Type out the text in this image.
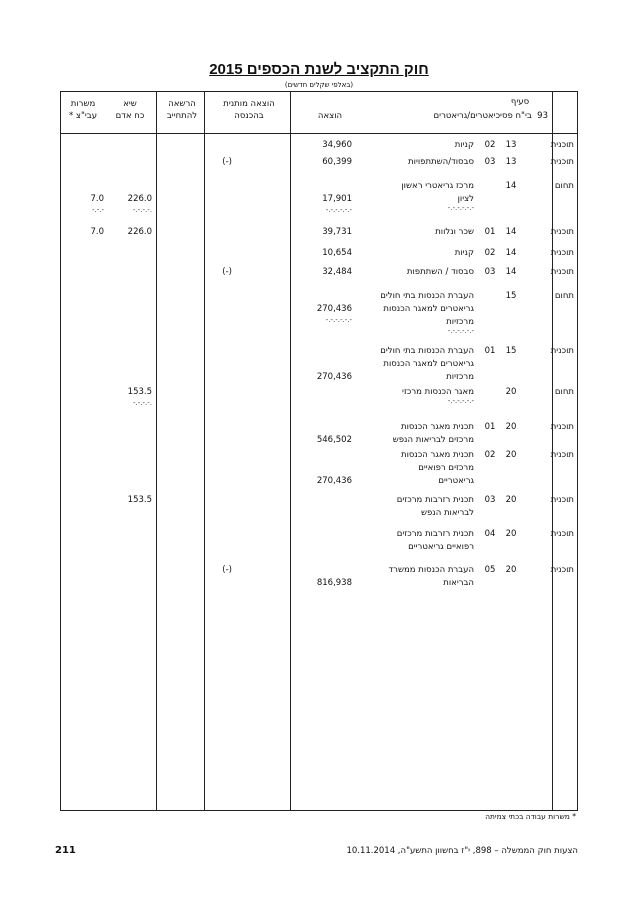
חוק התקציב לשנת הכספים 2015
(באלפי שקלים חדשים)
סעיף
93  בי"ח פסיכיאטרים/גריאטרים
הוצאה
הוצאה מותנית
בהכנסה
הרשאה
להתחייב
שיא
כח אדם
משרות
עבי"צ *
תוכנית
13
02
קניות
34,960
תוכנית
13
03
סבסוד/השתתפויות
60,399
(-)
תחום
14
מרכז גריאטרי ראשון
לציון
-.-.-.-.-.-
17,901
-.-.-.-.-.-
226.0
-.-.-.-.
7.0
-.-.-
תוכנית
14
01
שכר ונלוות
39,731
226.0
7.0
תוכנית
14
02
קניות
10,654
תוכנית
14
03
סבסוד / השתתפות
32,484
(-)
תחום
15
העברת הכנסות בתי חולים
גריאטרים למאגר הכנסות
מרכזיות
-.-.-.-.-.-
270,436
-.-.-.-.-.-
תוכנית
15
01
העברת הכנסות בתי חולים
גריאטרים למאגר הכנסות
מרכזיות
270,436
תחום
20
מאגר הכנסות מרכזי
-.-.-.-.-.-
153.5
-.-.-.-.
תוכנית
20
01
תכנית מאגר הכנסות
מרכזים לבריאות הנפש
546,502
תוכנית
20
02
תכנית מאגר הכנסות
מרכזים רפואיים
גריאטריים
270,436
תוכנית
20
03
תכנית רזרבות מרכזים
לבריאות הנפש
153.5
תוכנית
20
04
תכנית רזרבות מרכזים
רפואיים גריאטריים
תוכנית
20
05
העברת הכנסות ממשרד
הבריאות
816,938
(-)
* משרות עבודה בכתי צמיתה
הצעות חוק הממשלה – 898, י"ז בחשוון התשע"ה, 10.11.2014
211
